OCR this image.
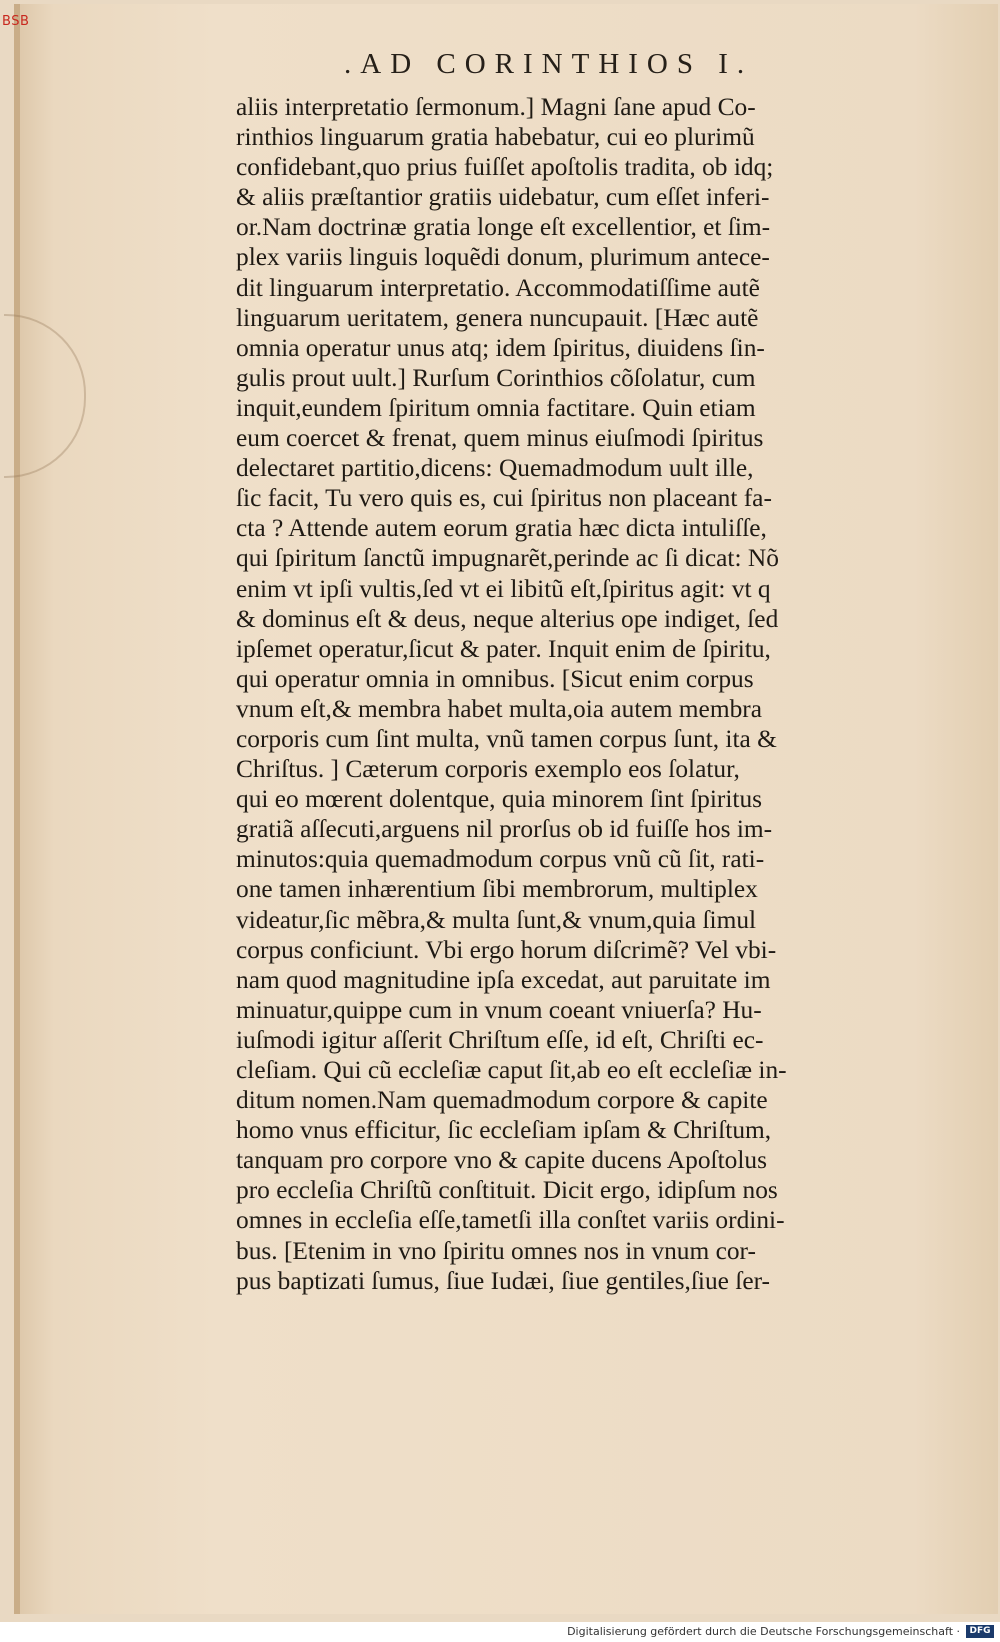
.AD CORINTHIOS I.
aliis interpretatio ſermonum.] Magni ſane apud Co-
rinthios linguarum gratia habebatur, cui eo plurimũ
confidebant,quo prius fuiſſet apoſtolis tradita, ob idq;
& aliis præſtantior gratiis uidebatur, cum eſſet inferi-
or.Nam doctrinæ gratia longe eſt excellentior, et ſim-
plex variis linguis loquẽdi donum, plurimum antece-
dit linguarum interpretatio. Accommodatiſſime autẽ
linguarum ueritatem, genera nuncupauit. [Hæc autẽ
omnia operatur unus atq; idem ſpiritus, diuidens ſin-
gulis prout uult.] Rurſum Corinthios cõſolatur, cum
inquit,eundem ſpiritum omnia factitare. Quin etiam
eum coercet & frenat, quem minus eiuſmodi ſpiritus
delectaret partitio,dicens: Quemadmodum uult ille,
ſic facit, Tu vero quis es, cui ſpiritus non placeant fa-
cta ? Attende autem eorum gratia hæc dicta intuliſſe,
qui ſpiritum ſanctũ impugnarẽt,perinde ac ſi dicat: Nõ
enim vt ipſi vultis,ſed vt ei libitũ eſt,ſpiritus agit: vt q
& dominus eſt & deus, neque alterius ope indiget, ſed
ipſemet operatur,ſicut & pater. Inquit enim de ſpiritu,
qui operatur omnia in omnibus. [Sicut enim corpus
vnum eſt,& membra habet multa,oia autem membra
corporis cum ſint multa, vnũ tamen corpus ſunt, ita &
Chriſtus. ] Cæterum corporis exemplo eos ſolatur,
qui eo mœrent dolentque, quia minorem ſint ſpiritus
gratiã aſſecuti,arguens nil prorſus ob id fuiſſe hos im-
minutos:quia quemadmodum corpus vnũ cũ ſit, rati-
one tamen inhærentium ſibi membrorum, multiplex
videatur,ſic mẽbra,& multa ſunt,& vnum,quia ſimul
corpus conficiunt. Vbi ergo horum diſcrimẽ? Vel vbi-
nam quod magnitudine ipſa excedat, aut paruitate im
minuatur,quippe cum in vnum coeant vniuerſa? Hu-
iuſmodi igitur aſſerit Chriſtum eſſe, id eſt, Chriſti ec-
cleſiam. Qui cũ eccleſiæ caput ſit,ab eo eſt eccleſiæ in-
ditum nomen.Nam quemadmodum corpore & capite
homo vnus efficitur, ſic eccleſiam ipſam & Chriſtum,
tanquam pro corpore vno & capite ducens Apoſtolus
pro eccleſia Chriſtũ conſtituit. Dicit ergo, idipſum nos
omnes in eccleſia eſſe,tametſi illa conſtet variis ordini-
bus. [Etenim in vno ſpiritu omnes nos in vnum cor-
pus baptizati ſumus, ſiue Iudæi, ſiue gentiles,ſiue ſer-
BSB
Digitalisierung gefördert durch die Deutsche Forschungsgemeinschaft ·	DFG
